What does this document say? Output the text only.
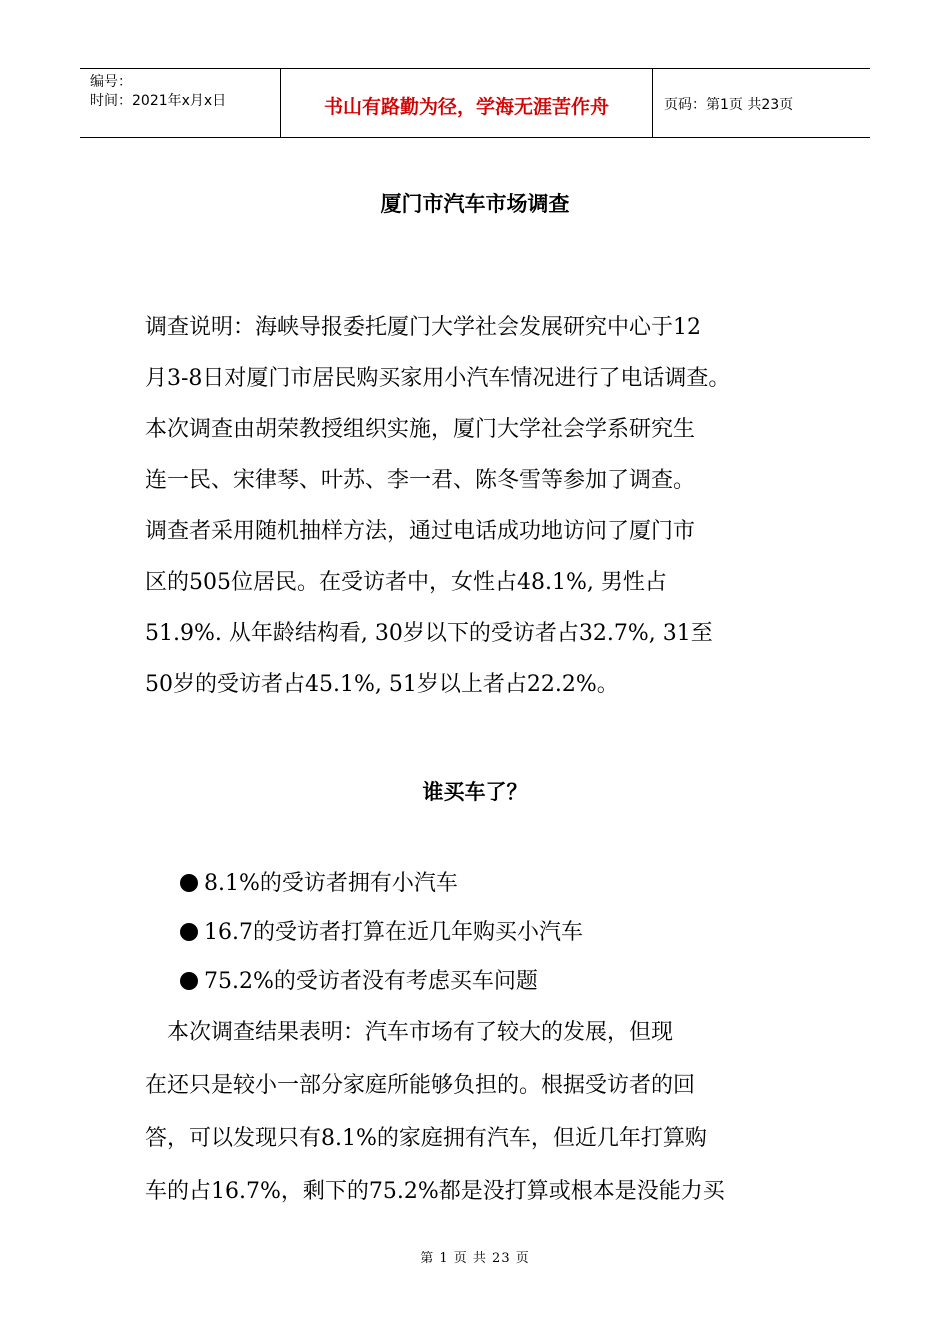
编号：
时间：2021年x月x日	书山有路勤为径，学海无涯苦作舟	页码：第1页 共23页
厦门市汽车市场调查
调查说明：海峡导报委托厦门大学社会发展研究中心于12
月3-8日对厦门市居民购买家用小汽车情况进行了电话调查。
本次调查由胡荣教授组织实施，厦门大学社会学系研究生
连一民、宋律琴、叶苏、李一君、陈冬雪等参加了调查。
调查者采用随机抽样方法，通过电话成功地访问了厦门市
区的505位居民。在受访者中，女性占48.1%, 男性占
51.9%. 从年龄结构看, 30岁以下的受访者占32.7%, 31至
50岁的受访者占45.1%, 51岁以上者占22.2%。
谁买车了？
8.1%的受访者拥有小汽车
16.7的受访者打算在近几年购买小汽车
75.2%的受访者没有考虑买车问题
　本次调查结果表明：汽车市场有了较大的发展，但现
在还只是较小一部分家庭所能够负担的。根据受访者的回
答，可以发现只有8.1%的家庭拥有汽车，但近几年打算购
车的占16.7%，剩下的75.2%都是没打算或根本是没能力买
第 1 页 共 23 页
